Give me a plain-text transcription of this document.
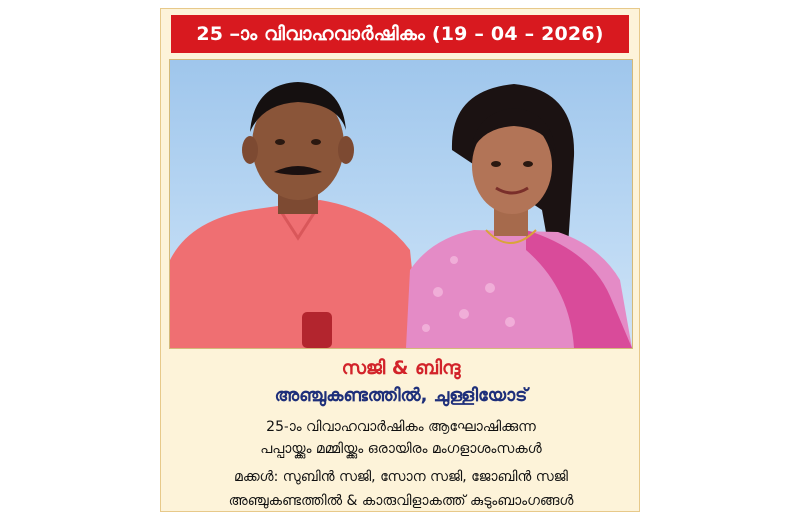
25 –ാം വിവാഹവാർഷികം (19 – 04 – 2026)
സജി & ബിന്ദു
അഞ്ചുകണ്ടത്തിൽ, ചുള്ളിയോട്
25-ാം വിവാഹവാർഷികം ആഘോഷിക്കുന്ന
പപ്പായ്ക്കും മമ്മിയ്ക്കും ഒരായിരം മംഗളാശംസകൾ
മക്കൾ: സുബിൻ സജി, സോന സജി, ജോബിൻ സജി
അഞ്ചുകണ്ടത്തിൽ & കാരുവിളാകത്ത് കുടുംബാംഗങ്ങൾ
